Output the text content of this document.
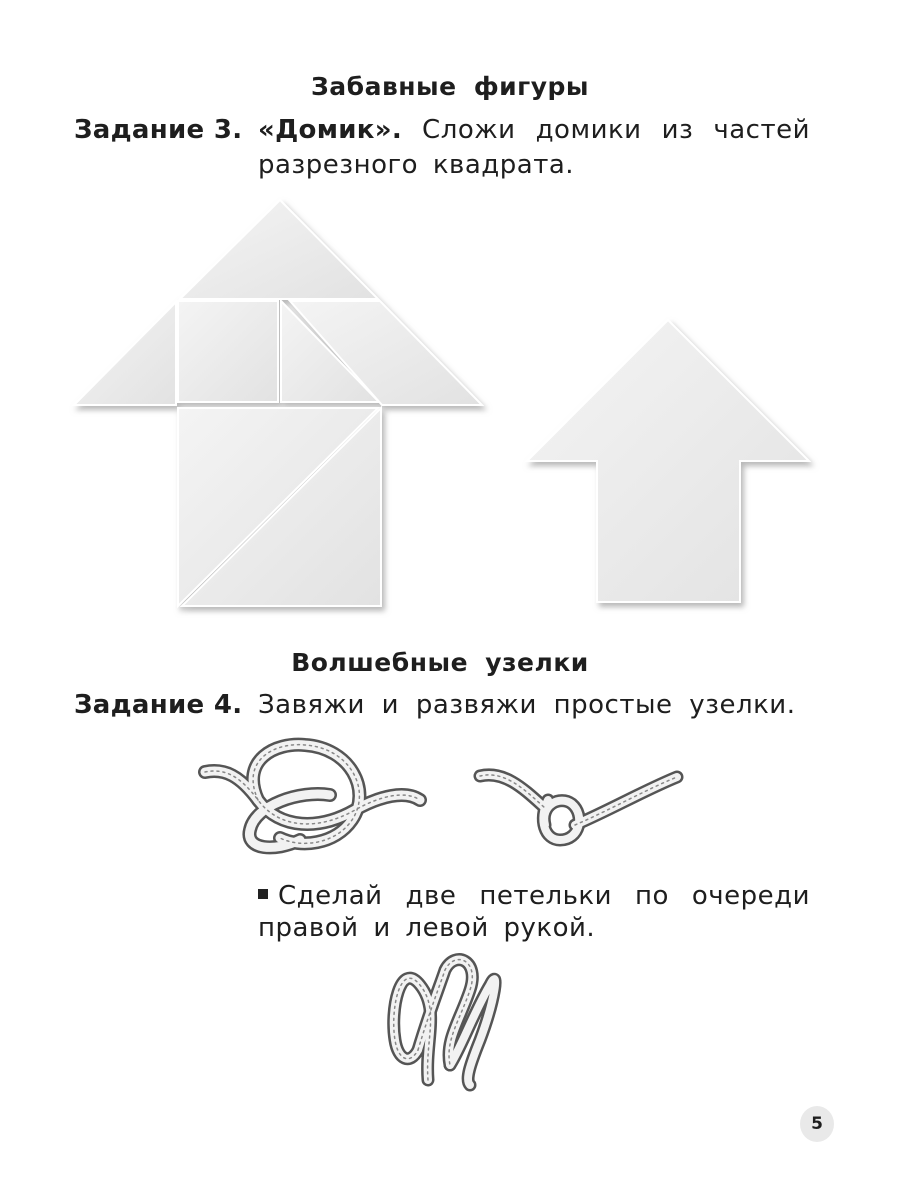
Забавные фигуры
Задание 3. «Домик». Сложи домики из частей
разрезного квадрата.
Волшебные узелки
Задание 4. Завяжи и развяжи простые узелки.
Сделай две петельки по очереди
правой и левой рукой.
5
